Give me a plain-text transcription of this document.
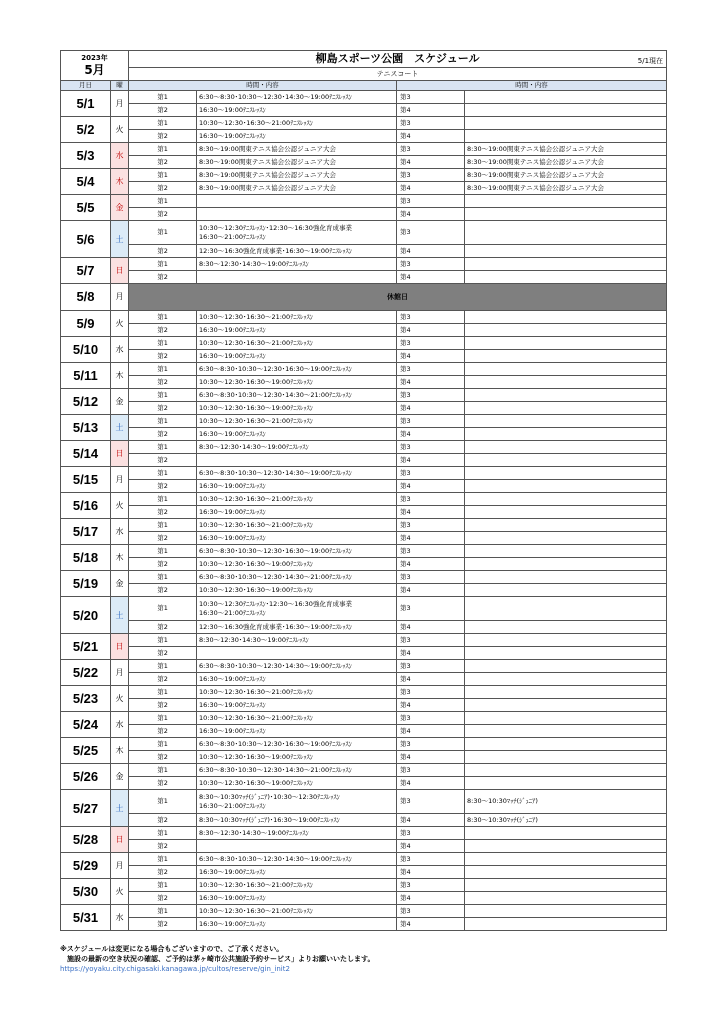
2023年
5月		柳島スポーツ公園　スケジュール 5/1現在			

		テニスコート			
月日	曜	時間・内容		時間・内容	
5/1	月	第1	6:30～8:30･10:30～12:30･14:30～19:00ﾃﾆｽﾚｯｽﾝ	第3	
		第2	16:30～19:00ﾃﾆｽﾚｯｽﾝ	第4	
5/2	火	第1	10:30～12:30･16:30～21:00ﾃﾆｽﾚｯｽﾝ	第3	
		第2	16:30～19:00ﾃﾆｽﾚｯｽﾝ	第4	
5/3	水	第1	8:30～19:00関東テニス協会公認ジュニア大会	第3	8:30～19:00関東テニス協会公認ジュニア大会
		第2	8:30～19:00関東テニス協会公認ジュニア大会	第4	8:30～19:00関東テニス協会公認ジュニア大会
5/4	木	第1	8:30～19:00関東テニス協会公認ジュニア大会	第3	8:30～19:00関東テニス協会公認ジュニア大会
		第2	8:30～19:00関東テニス協会公認ジュニア大会	第4	8:30～19:00関東テニス協会公認ジュニア大会
5/5	金	第1		第3	
		第2		第4	
5/6	土	第1	10:30～12:30ﾃﾆｽﾚｯｽﾝ･12:30～16:30強化育成事業
16:30～21:00ﾃﾆｽﾚｯｽﾝ	第3	
		第2	12:30～16:30強化育成事業･16:30～19:00ﾃﾆｽﾚｯｽﾝ	第4	
5/7	日	第1	8:30～12:30･14:30～19:00ﾃﾆｽﾚｯｽﾝ	第3	
		第2		第4	
5/8	月	休館日			
5/9	火	第1	10:30～12:30･16:30～21:00ﾃﾆｽﾚｯｽﾝ	第3	
		第2	16:30～19:00ﾃﾆｽﾚｯｽﾝ	第4	
5/10	水	第1	10:30～12:30･16:30～21:00ﾃﾆｽﾚｯｽﾝ	第3	
		第2	16:30～19:00ﾃﾆｽﾚｯｽﾝ	第4	
5/11	木	第1	6:30～8:30･10:30～12:30･16:30～19:00ﾃﾆｽﾚｯｽﾝ	第3	
		第2	10:30～12:30･16:30～19:00ﾃﾆｽﾚｯｽﾝ	第4	
5/12	金	第1	6:30～8:30･10:30～12:30･14:30～21:00ﾃﾆｽﾚｯｽﾝ	第3	
		第2	10:30～12:30･16:30～19:00ﾃﾆｽﾚｯｽﾝ	第4	
5/13	土	第1	10:30～12:30･16:30～21:00ﾃﾆｽﾚｯｽﾝ	第3	
		第2	16:30～19:00ﾃﾆｽﾚｯｽﾝ	第4	
5/14	日	第1	8:30～12:30･14:30～19:00ﾃﾆｽﾚｯｽﾝ	第3	
		第2		第4	
5/15	月	第1	6:30～8:30･10:30～12:30･14:30～19:00ﾃﾆｽﾚｯｽﾝ	第3	
		第2	16:30～19:00ﾃﾆｽﾚｯｽﾝ	第4	
5/16	火	第1	10:30～12:30･16:30～21:00ﾃﾆｽﾚｯｽﾝ	第3	
		第2	16:30～19:00ﾃﾆｽﾚｯｽﾝ	第4	
5/17	水	第1	10:30～12:30･16:30～21:00ﾃﾆｽﾚｯｽﾝ	第3	
		第2	16:30～19:00ﾃﾆｽﾚｯｽﾝ	第4	
5/18	木	第1	6:30～8:30･10:30～12:30･16:30～19:00ﾃﾆｽﾚｯｽﾝ	第3	
		第2	10:30～12:30･16:30～19:00ﾃﾆｽﾚｯｽﾝ	第4	
5/19	金	第1	6:30～8:30･10:30～12:30･14:30～21:00ﾃﾆｽﾚｯｽﾝ	第3	
		第2	10:30～12:30･16:30～19:00ﾃﾆｽﾚｯｽﾝ	第4	
5/20	土	第1	10:30～12:30ﾃﾆｽﾚｯｽﾝ･12:30～16:30強化育成事業
16:30～21:00ﾃﾆｽﾚｯｽﾝ	第3	
		第2	12:30～16:30強化育成事業･16:30～19:00ﾃﾆｽﾚｯｽﾝ	第4	
5/21	日	第1	8:30～12:30･14:30～19:00ﾃﾆｽﾚｯｽﾝ	第3	
		第2		第4	
5/22	月	第1	6:30～8:30･10:30～12:30･14:30～19:00ﾃﾆｽﾚｯｽﾝ	第3	
		第2	16:30～19:00ﾃﾆｽﾚｯｽﾝ	第4	
5/23	火	第1	10:30～12:30･16:30～21:00ﾃﾆｽﾚｯｽﾝ	第3	
		第2	16:30～19:00ﾃﾆｽﾚｯｽﾝ	第4	
5/24	水	第1	10:30～12:30･16:30～21:00ﾃﾆｽﾚｯｽﾝ	第3	
		第2	16:30～19:00ﾃﾆｽﾚｯｽﾝ	第4	
5/25	木	第1	6:30～8:30･10:30～12:30･16:30～19:00ﾃﾆｽﾚｯｽﾝ	第3	
		第2	10:30～12:30･16:30～19:00ﾃﾆｽﾚｯｽﾝ	第4	
5/26	金	第1	6:30～8:30･10:30～12:30･14:30～21:00ﾃﾆｽﾚｯｽﾝ	第3	
		第2	10:30～12:30･16:30～19:00ﾃﾆｽﾚｯｽﾝ	第4	
5/27	土	第1	8:30～10:30ﾏｯﾁ(ｼﾞｭﾆｱ)･10:30～12:30ﾃﾆｽﾚｯｽﾝ
16:30～21:00ﾃﾆｽﾚｯｽﾝ	第3	8:30～10:30ﾏｯﾁ(ｼﾞｭﾆｱ)
		第2	8:30～10:30ﾏｯﾁ(ｼﾞｭﾆｱ)･16:30～19:00ﾃﾆｽﾚｯｽﾝ	第4	8:30～10:30ﾏｯﾁ(ｼﾞｭﾆｱ)
5/28	日	第1	8:30～12:30･14:30～19:00ﾃﾆｽﾚｯｽﾝ	第3	
		第2		第4	
5/29	月	第1	6:30～8:30･10:30～12:30･14:30～19:00ﾃﾆｽﾚｯｽﾝ	第3	
		第2	16:30～19:00ﾃﾆｽﾚｯｽﾝ	第4	
5/30	火	第1	10:30～12:30･16:30～21:00ﾃﾆｽﾚｯｽﾝ	第3	
		第2	16:30～19:00ﾃﾆｽﾚｯｽﾝ	第4	
5/31	水	第1	10:30～12:30･16:30～21:00ﾃﾆｽﾚｯｽﾝ	第3	
		第2	16:30～19:00ﾃﾆｽﾚｯｽﾝ	第4	
※スケジュールは変更になる場合もございますので、ご了承ください。
　施設の最新の空き状況の確認、ご予約は茅ヶ崎市公共施設予約サービス」よりお願いいたします。
https://yoyaku.city.chigasaki.kanagawa.jp/cultos/reserve/gin_init2
